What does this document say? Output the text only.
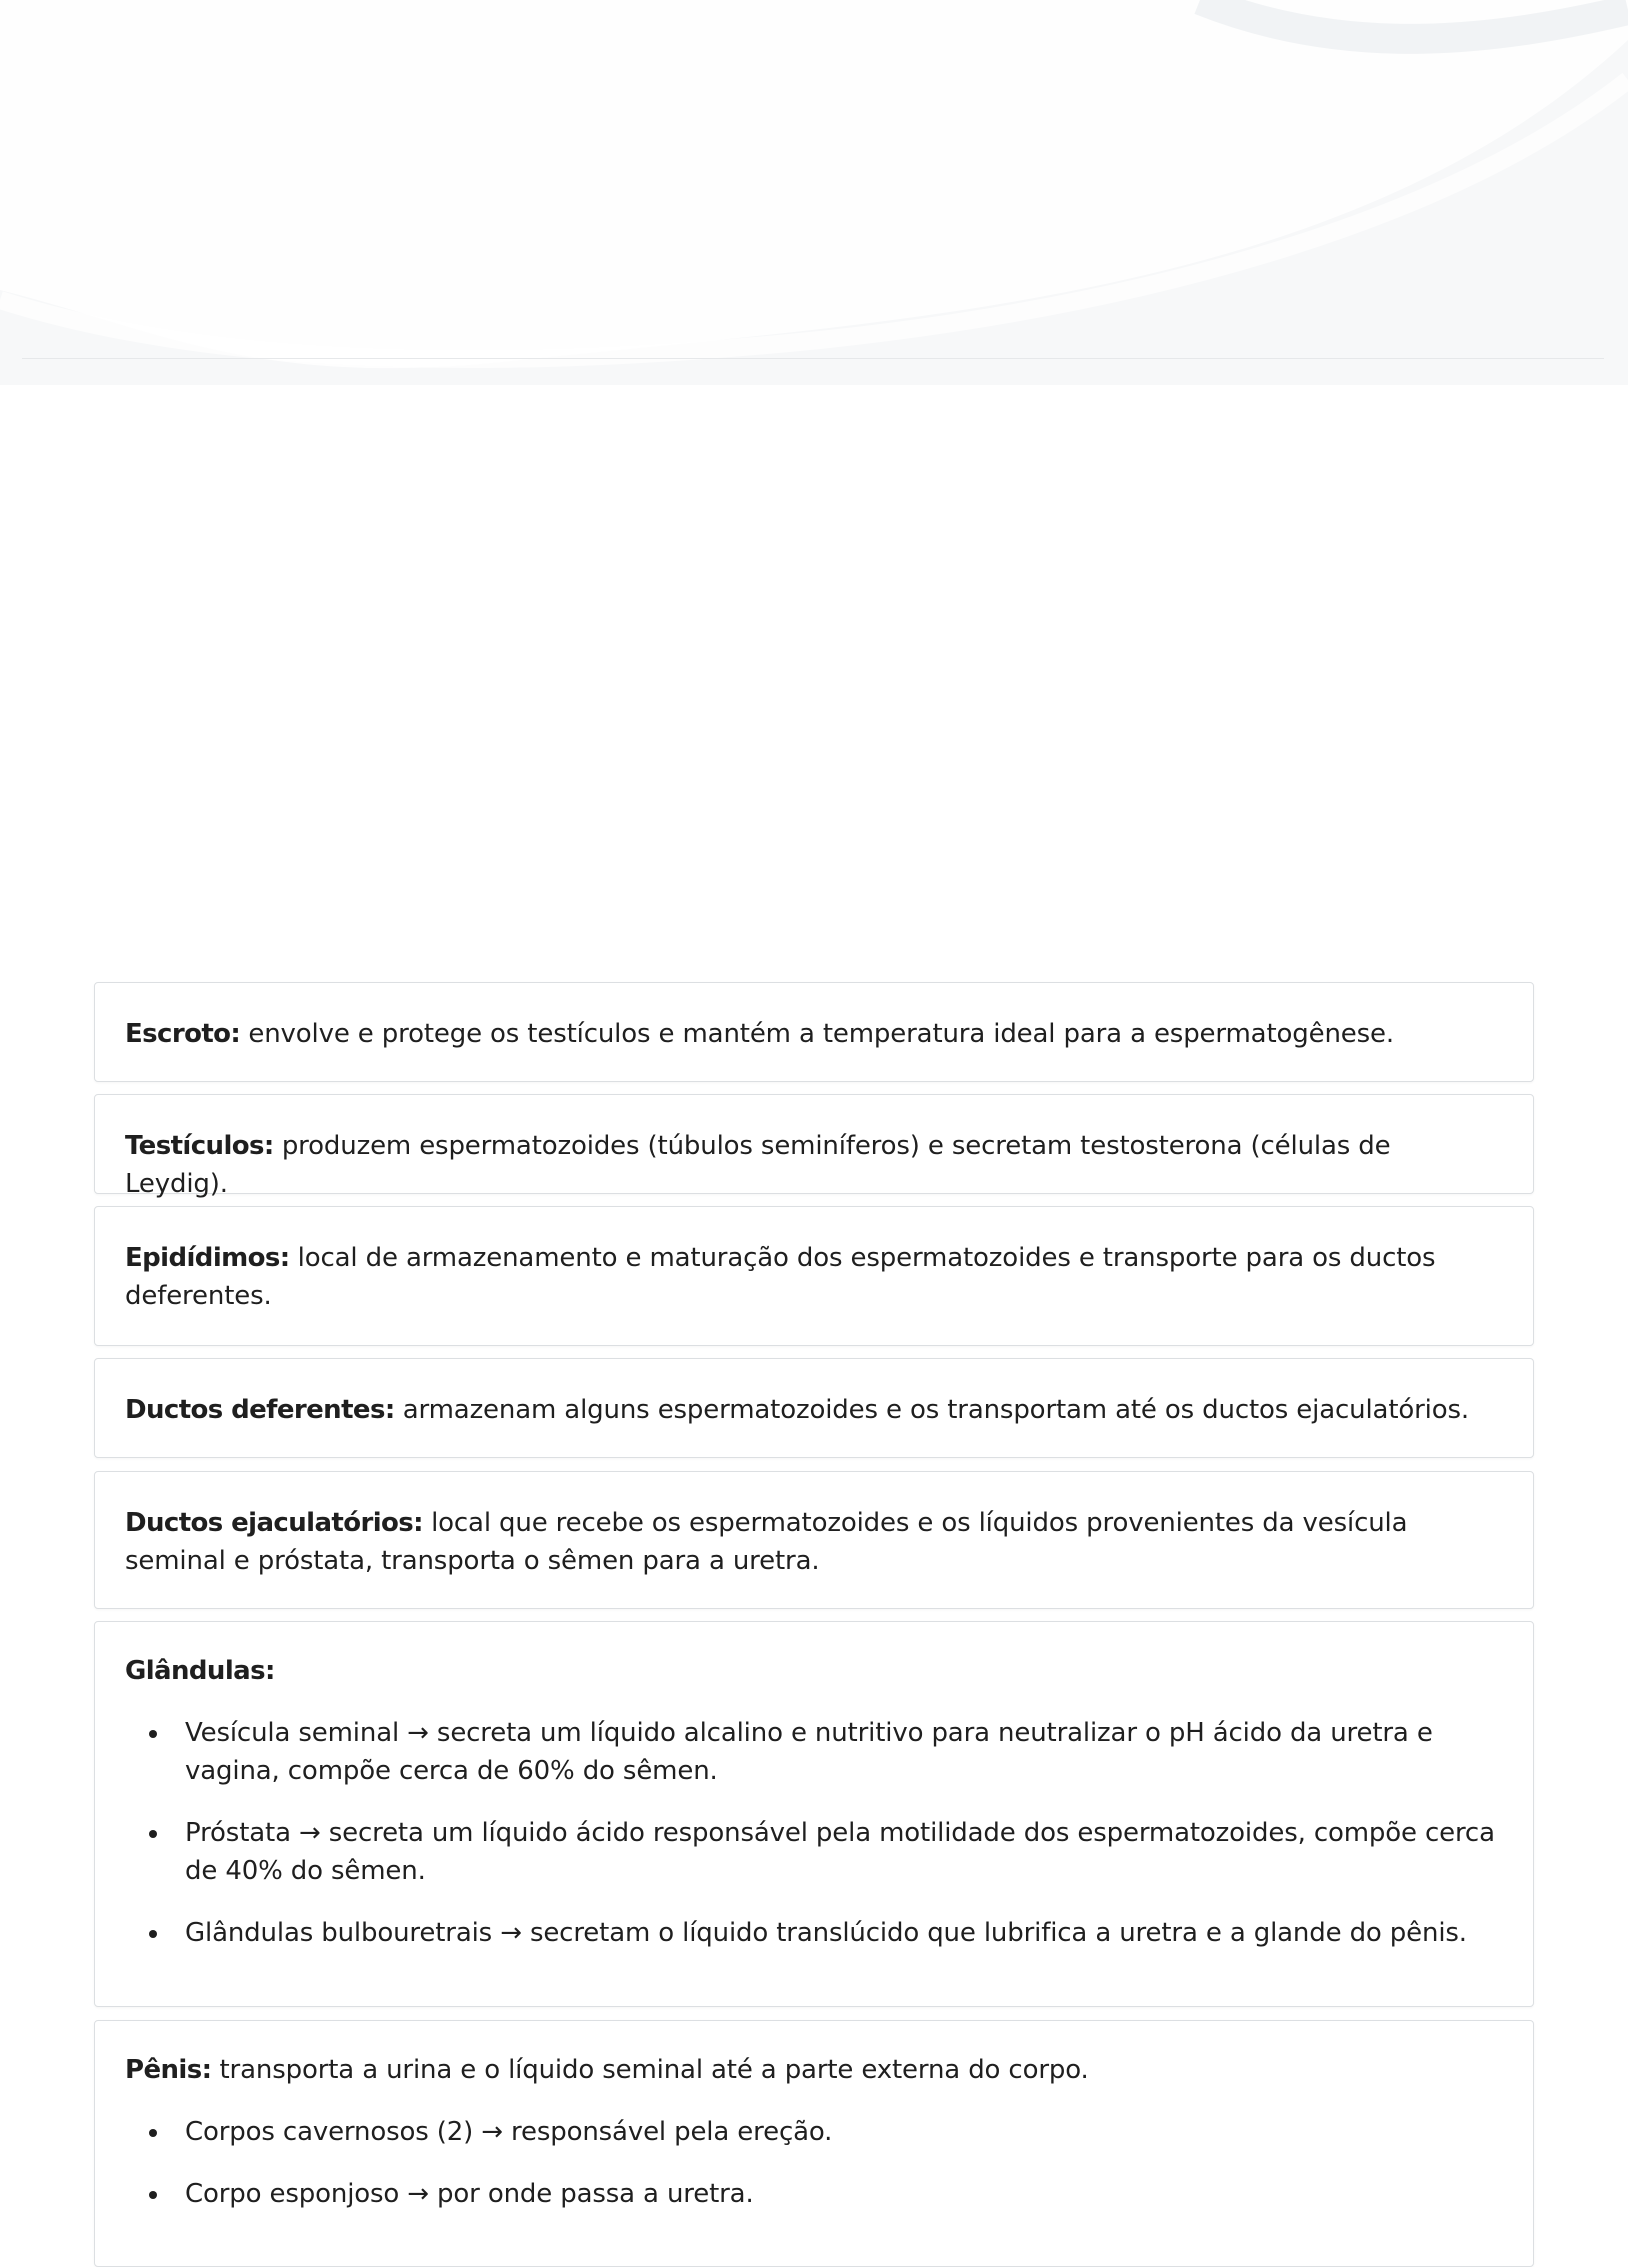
Escroto: envolve e protege os testículos e mantém a temperatura ideal para a espermatogênese.

Testículos: produzem espermatozoides (túbulos seminíferos) e secretam testosterona (células de Leydig).

Epidídimos: local de armazenamento e maturação dos espermatozoides e transporte para os ductos deferentes.

Ductos deferentes: armazenam alguns espermatozoides e os transportam até os ductos ejaculatórios.

Ductos ejaculatórios: local que recebe os espermatozoides e os líquidos provenientes da vesícula seminal e próstata, transporta o sêmen para a uretra.

Glândulas:

Vesícula seminal → secreta um líquido alcalino e nutritivo para neutralizar o pH ácido da uretra e vagina, compõe cerca de 60% do sêmen.
Próstata → secreta um líquido ácido responsável pela motilidade dos espermatozoides, compõe cerca de 40% do sêmen.
Glândulas bulbouretrais → secretam o líquido translúcido que lubrifica a uretra e a glande do pênis.

Pênis: transporta a urina e o líquido seminal até a parte externa do corpo.

Corpos cavernosos (2) → responsável pela ereção.
Corpo esponjoso → por onde passa a uretra.
